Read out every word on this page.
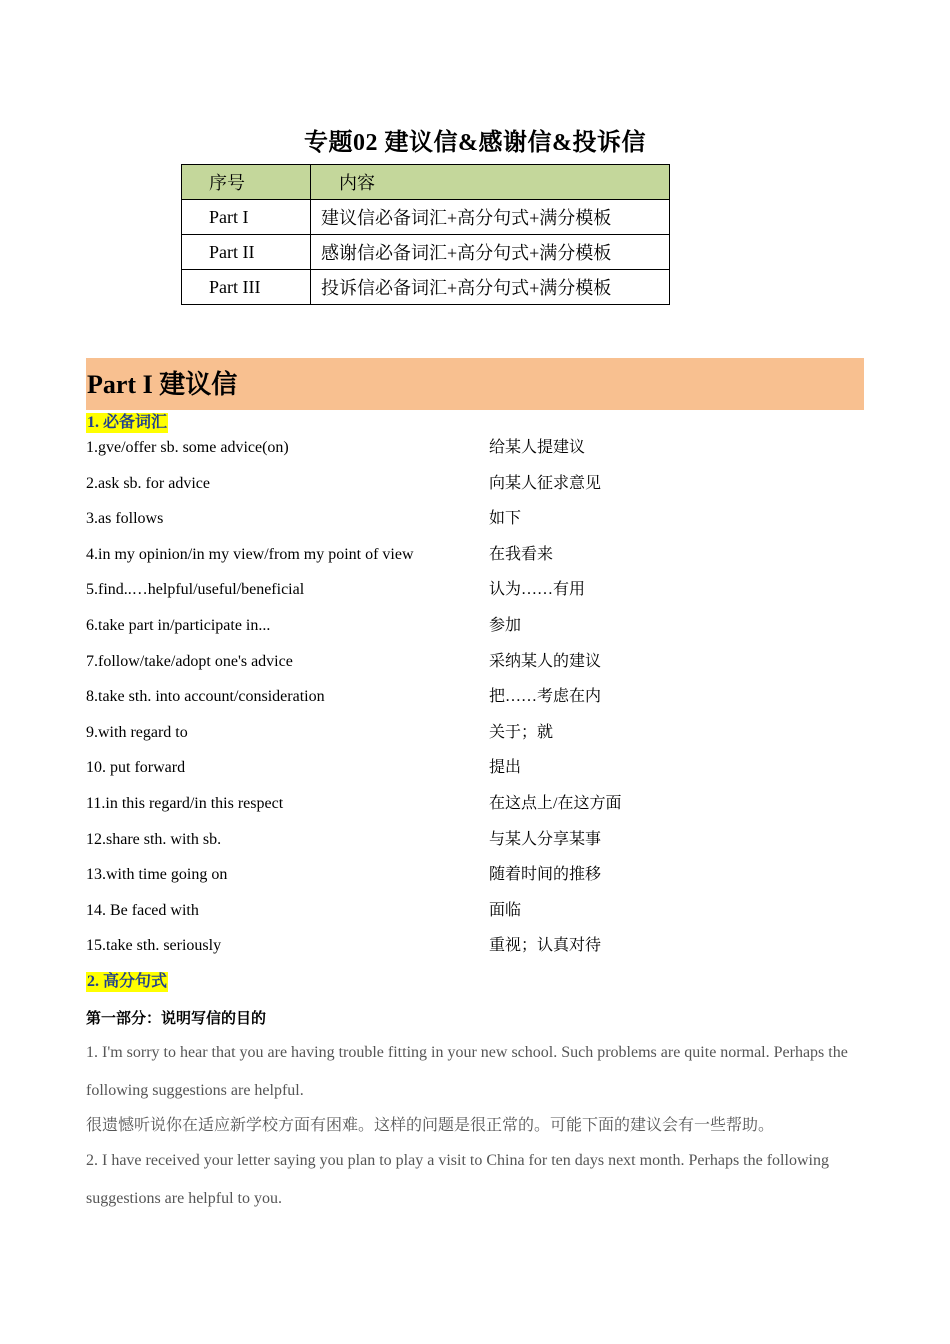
专题02 建议信&感谢信&投诉信
序号	内容
Part I	建议信必备词汇+高分句式+满分模板
Part II	感谢信必备词汇+高分句式+满分模板
Part III	投诉信必备词汇+高分句式+满分模板
Part I 建议信
1. 必备词汇
1.gve/offer sb. some advice(on)	给某人提建议
2.ask sb. for advice	向某人征求意见
3.as follows	如下
4.in my opinion/in my view/from my point of view	在我看来
5.find..…helpful/useful/beneficial	认为……有用
6.take part in/participate in...	参加
7.follow/take/adopt one's advice	采纳某人的建议
8.take sth. into account/consideration	把……考虑在内
9.with regard to	关于；就
10. put forward	提出
11.in this regard/in this respect	在这点上/在这方面
12.share sth. with sb.	与某人分享某事
13.with time going on	随着时间的推移
14. Be faced with	面临
15.take sth. seriously	重视；认真对待
2. 高分句式
第一部分：说明写信的目的
1. I'm sorry to hear that you are having trouble fitting in your new school. Such problems are quite normal. Perhaps the following suggestions are helpful.
很遗憾听说你在适应新学校方面有困难。这样的问题是很正常的。可能下面的建议会有一些帮助。
2. I have received your letter saying you plan to play a visit to China for ten days next month. Perhaps the following suggestions are helpful to you.
